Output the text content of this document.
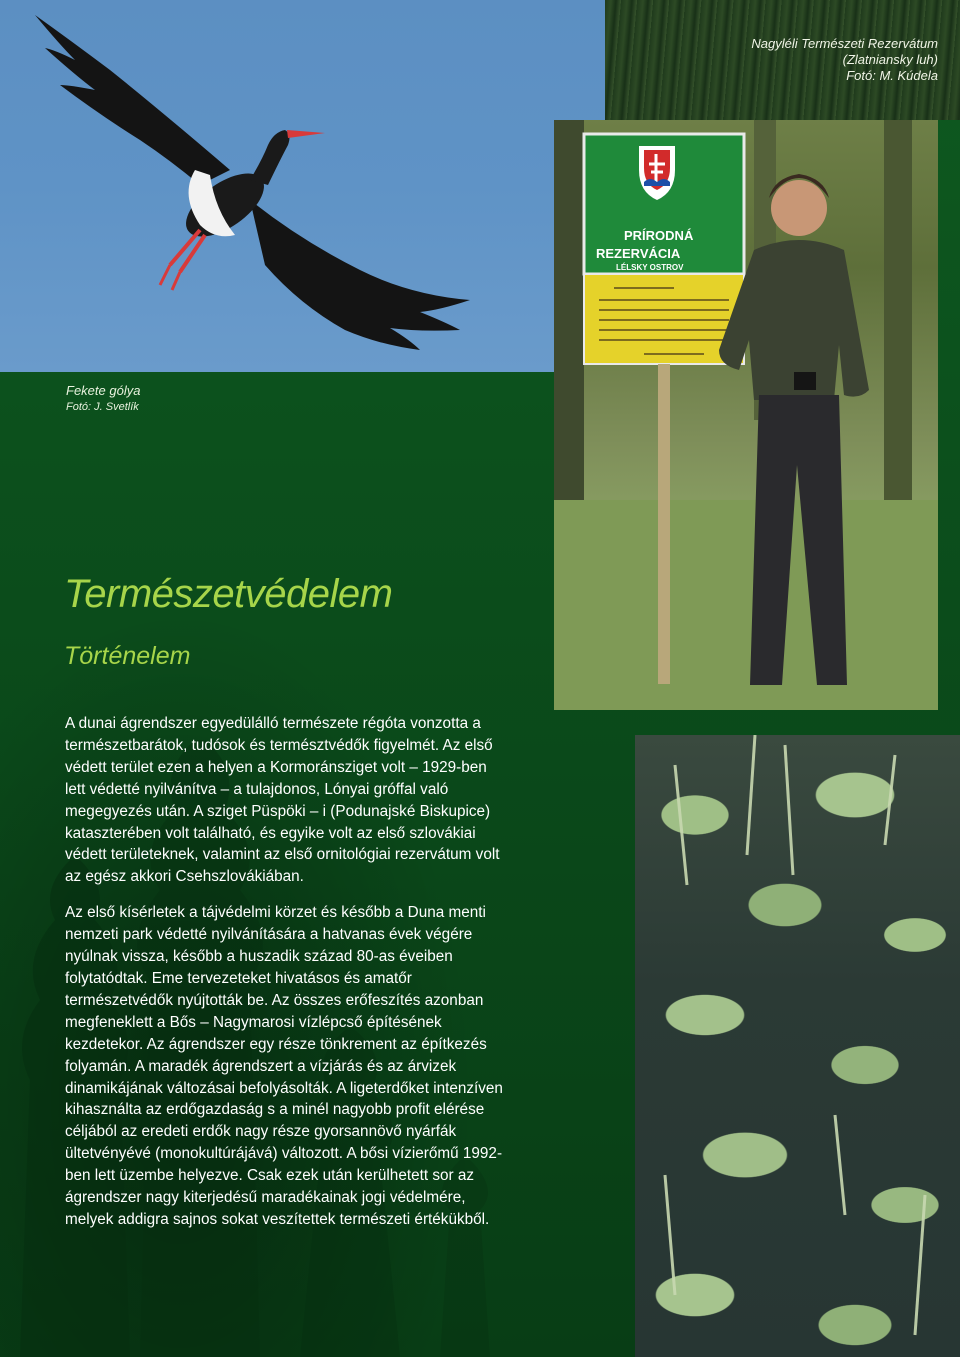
Nagyléli Természeti Rezervátum
(Zlatniansky luh)
Fotó: M. Kúdela
Fekete gólya
Fotó: J. Svetlík
PRÍRODNÁ
REZERVÁCIA
LÉLSKY OSTROV
Természetvédelem
Történelem

A dunai ágrendszer egyedülálló természete régóta vonzotta a természetbarátok, tudósok és természtvédők figyelmét. Az első védett terület ezen a helyen a Kormoránsziget volt – 1929-ben lett védetté nyilvánítva – a tulajdonos, Lónyai gróffal való megegyezés után. A sziget Püspöki – i (Podunajské Biskupice) kataszterében volt található, és egyike volt az első szlovákiai védett területeknek, valamint az első ornitológiai rezervátum volt az egész akkori Csehszlovákiában.

Az első kísérletek a tájvédelmi körzet és később a Duna menti nemzeti park védetté nyilvánítására a hatvanas évek végére nyúlnak vissza, később a huszadik század 80-as éveiben folytatódtak. Eme tervezeteket hivatásos és amatőr természetvédők nyújtották be. Az összes erőfeszítés azonban megfeneklett a Bős – Nagymarosi vízlépcső építésének kezdetekor. Az ágrendszer egy része tönkrement az építkezés folyamán. A maradék ágrendszert a vízjárás és az árvizek dinamikájának változásai befolyásolták. A ligeterdőket intenzíven kihasználta az erdőgazdaság s a minél nagyobb profit elérése céljából az eredeti erdők nagy része gyorsannövő nyárfák ültetvényévé (monokultúrájává) változott. A bősi vízierőmű 1992-ben lett üzembe helyezve. Csak ezek után kerülhetett sor az ágrendszer nagy kiterjedésű maradékainak jogi védelmére, melyek addigra sajnos sokat veszítettek természeti értékükből.
